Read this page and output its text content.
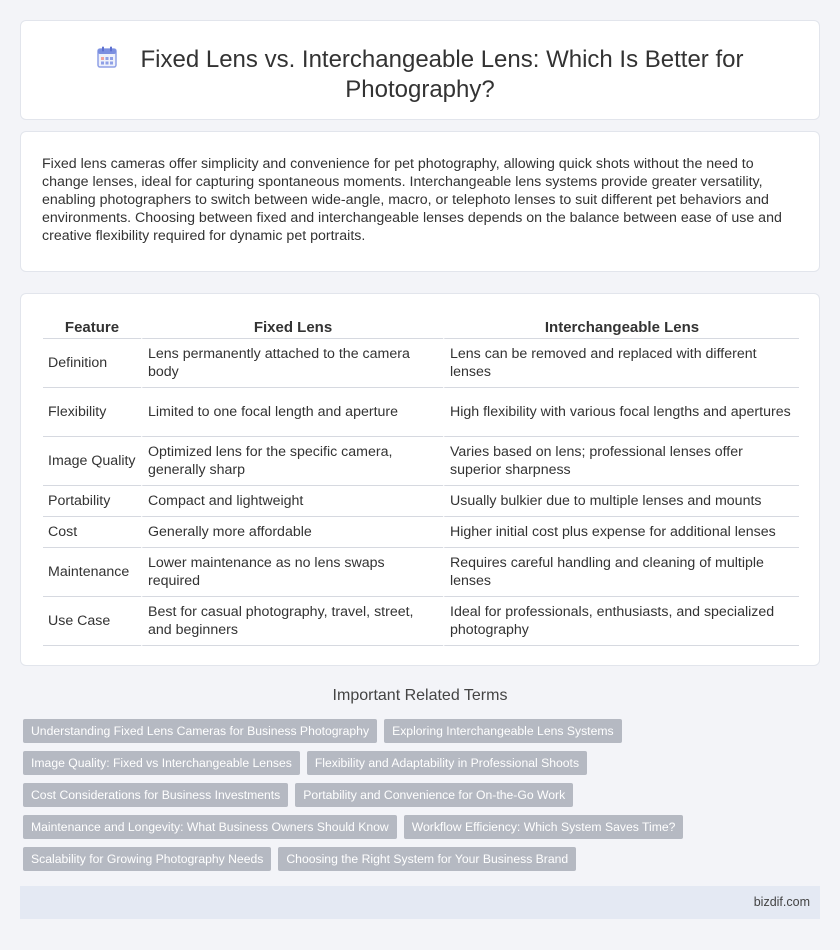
Fixed Lens vs. Interchangeable Lens: Which Is Better for
Photography?

Fixed lens cameras offer simplicity and convenience for pet photography, allowing quick shots without the need to change lenses, ideal for capturing spontaneous moments. Interchangeable lens systems provide greater versatility, enabling photographers to switch between wide-angle, macro, or telephoto lenses to suit different pet behaviors and environments. Choosing between fixed and interchangeable lenses depends on the balance between ease of use and creative flexibility required for dynamic pet portraits.

Feature	Fixed Lens	Interchangeable Lens
Definition	Lens permanently attached to the camera body	Lens can be removed and replaced with different lenses
Flexibility	Limited to one focal length and aperture	High flexibility with various focal lengths and apertures
Image Quality	Optimized lens for the specific camera, generally sharp	Varies based on lens; professional lenses offer superior sharpness
Portability	Compact and lightweight	Usually bulkier due to multiple lenses and mounts
Cost	Generally more affordable	Higher initial cost plus expense for additional lenses
Maintenance	Lower maintenance as no lens swaps required	Requires careful handling and cleaning of multiple lenses
Use Case	Best for casual photography, travel, street, and beginners	Ideal for professionals, enthusiasts, and specialized photography
Important Related Terms
Understanding Fixed Lens Cameras for Business Photography	Exploring Interchangeable Lens Systems
Image Quality: Fixed vs Interchangeable Lenses	Flexibility and Adaptability in Professional Shoots
Cost Considerations for Business Investments	Portability and Convenience for On-the-Go Work
Maintenance and Longevity: What Business Owners Should Know	Workflow Efficiency: Which System Saves Time?
Scalability for Growing Photography Needs	Choosing the Right System for Your Business Brand
bizdif.com
